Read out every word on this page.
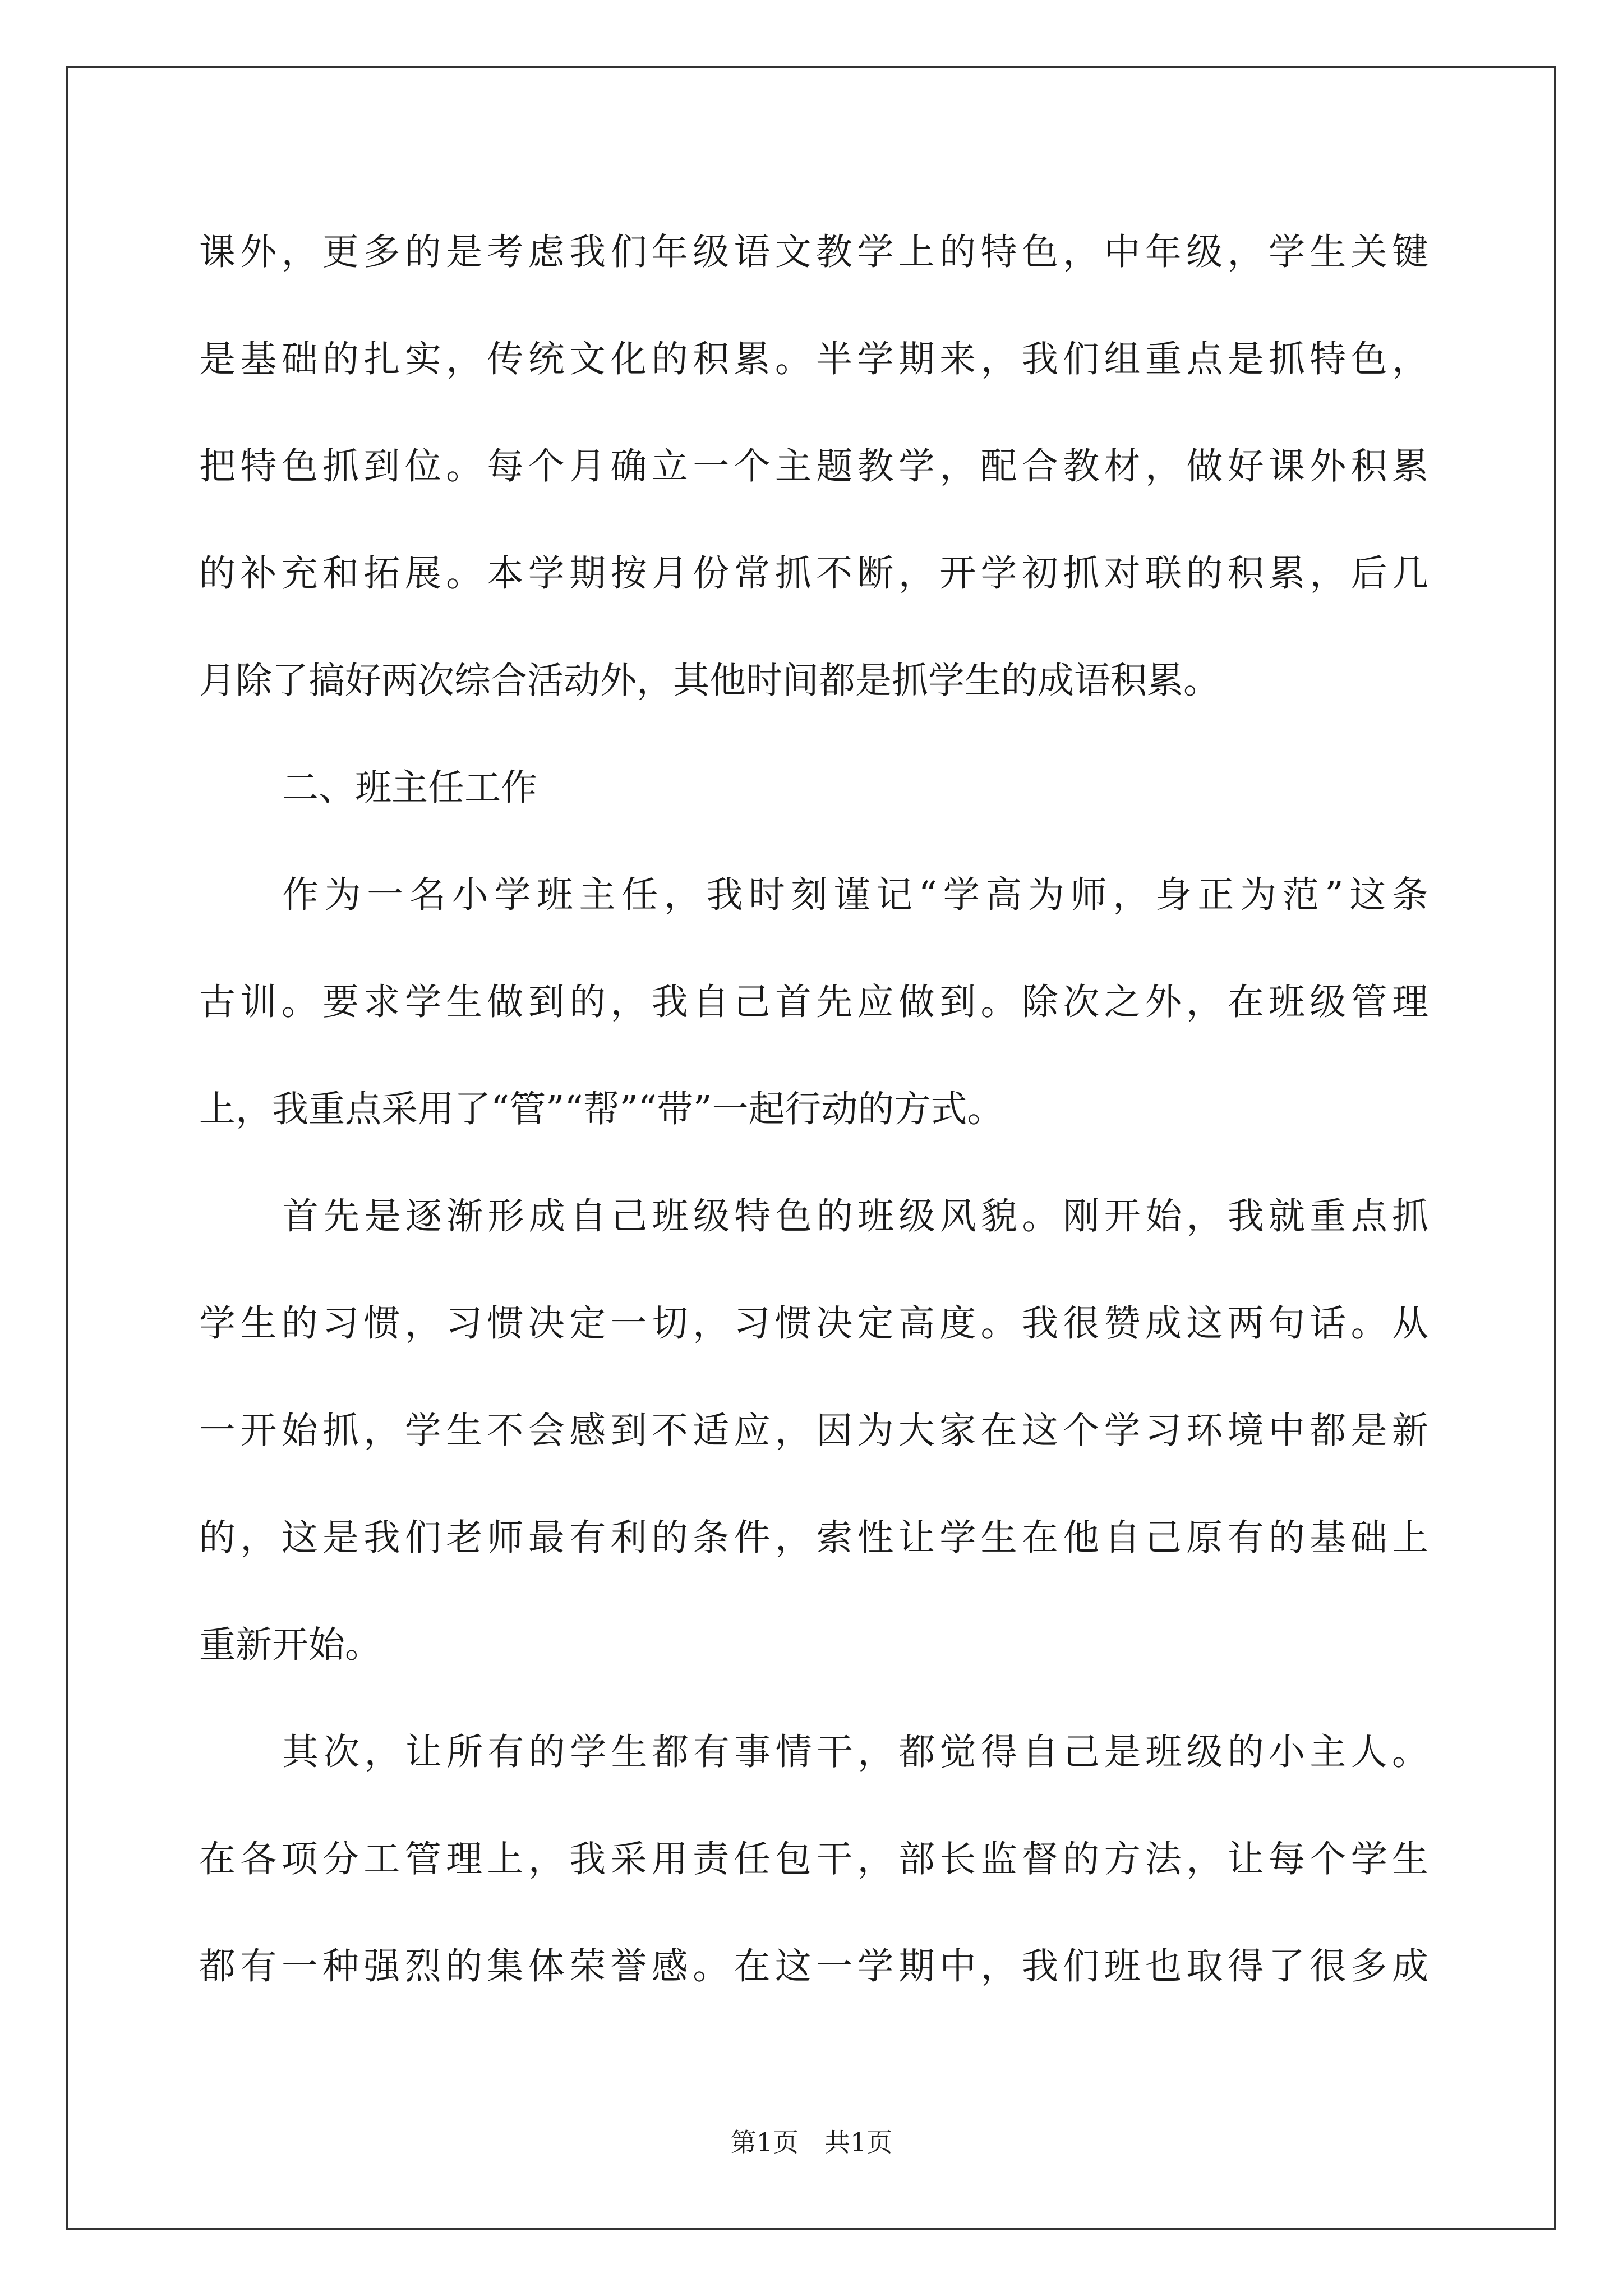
课外，更多的是考虑我们年级语文教学上的特色，中年级，学生关键
是基础的扎实，传统文化的积累。半学期来，我们组重点是抓特色，
把特色抓到位。每个月确立一个主题教学，配合教材，做好课外积累
的补充和拓展。本学期按月份常抓不断，开学初抓对联的积累，后几
月除了搞好两次综合活动外，其他时间都是抓学生的成语积累。
二、班主任工作
作为一名小学班主任，我时刻谨记“学高为师，身正为范”这条
古训。要求学生做到的，我自己首先应做到。除次之外，在班级管理
上，我重点采用了“管”“帮”“带”一起行动的方式。
首先是逐渐形成自己班级特色的班级风貌。刚开始，我就重点抓
学生的习惯，习惯决定一切，习惯决定高度。我很赞成这两句话。从
一开始抓，学生不会感到不适应，因为大家在这个学习环境中都是新
的，这是我们老师最有利的条件，索性让学生在他自己原有的基础上
重新开始。
其次，让所有的学生都有事情干，都觉得自己是班级的小主人。
在各项分工管理上，我采用责任包干，部长监督的方法，让每个学生
都有一种强烈的集体荣誉感。在这一学期中，我们班也取得了很多成
第1页　共1页
